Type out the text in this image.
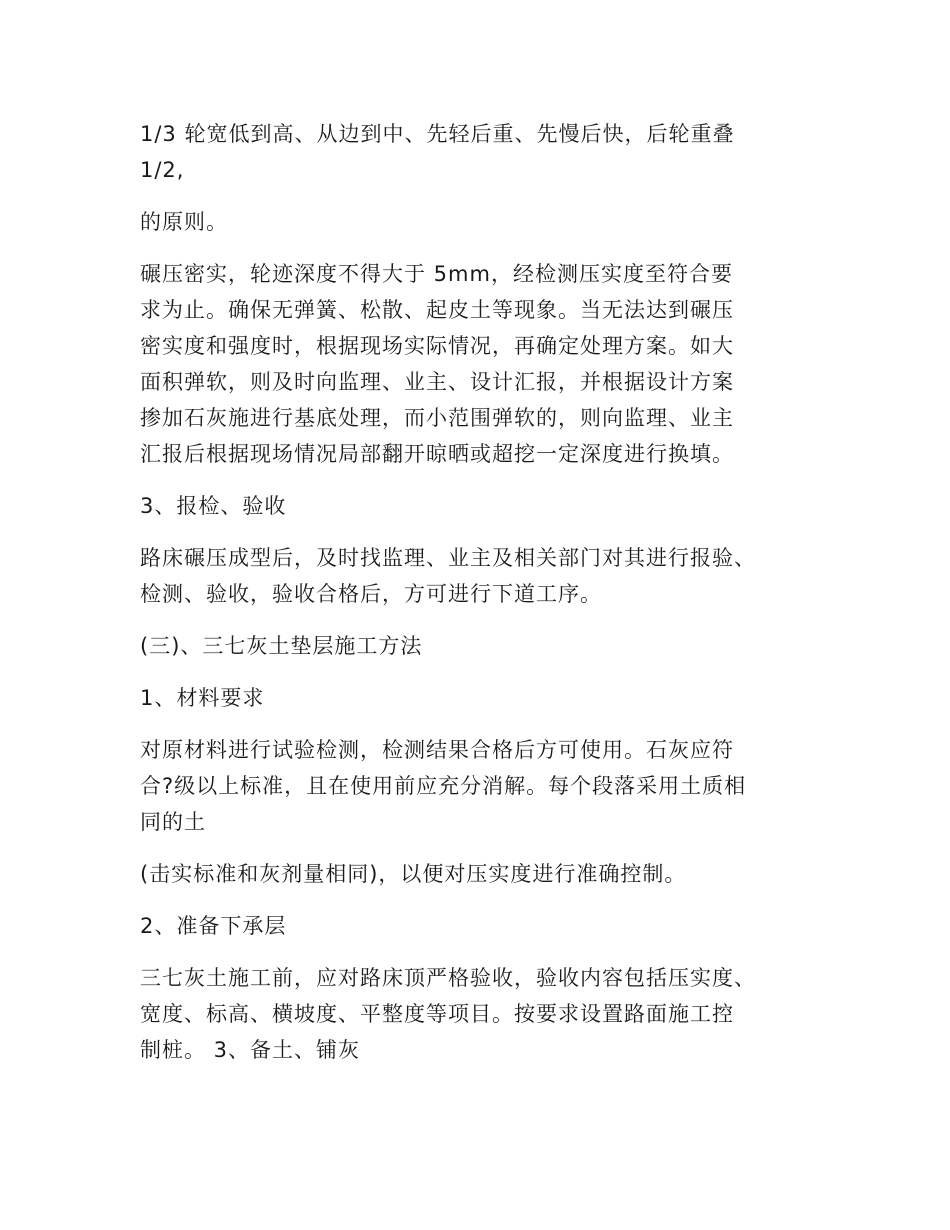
1/3 轮宽低到高、从边到中、先轻后重、先慢后快，后轮重叠
1/2,

的原则。

碾压密实，轮迹深度不得大于 5mm，经检测压实度至符合要
求为止。确保无弹簧、松散、起皮土等现象。当无法达到碾压
密实度和强度时，根据现场实际情况，再确定处理方案。如大
面积弹软，则及时向监理、业主、设计汇报，并根据设计方案
掺加石灰施进行基底处理，而小范围弹软的，则向监理、业主
汇报后根据现场情况局部翻开晾晒或超挖一定深度进行换填。

3、报检、验收

路床碾压成型后，及时找监理、业主及相关部门对其进行报验、
检测、验收，验收合格后，方可进行下道工序。

(三)、三七灰土垫层施工方法

1、材料要求

对原材料进行试验检测，检测结果合格后方可使用。石灰应符
合?级以上标准，且在使用前应充分消解。每个段落采用土质相
同的土

(击实标准和灰剂量相同)，以便对压实度进行准确控制。

2、准备下承层

三七灰土施工前，应对路床顶严格验收，验收内容包括压实度、
宽度、标高、横坡度、平整度等项目。按要求设置路面施工控
制桩。 3、备土、铺灰
